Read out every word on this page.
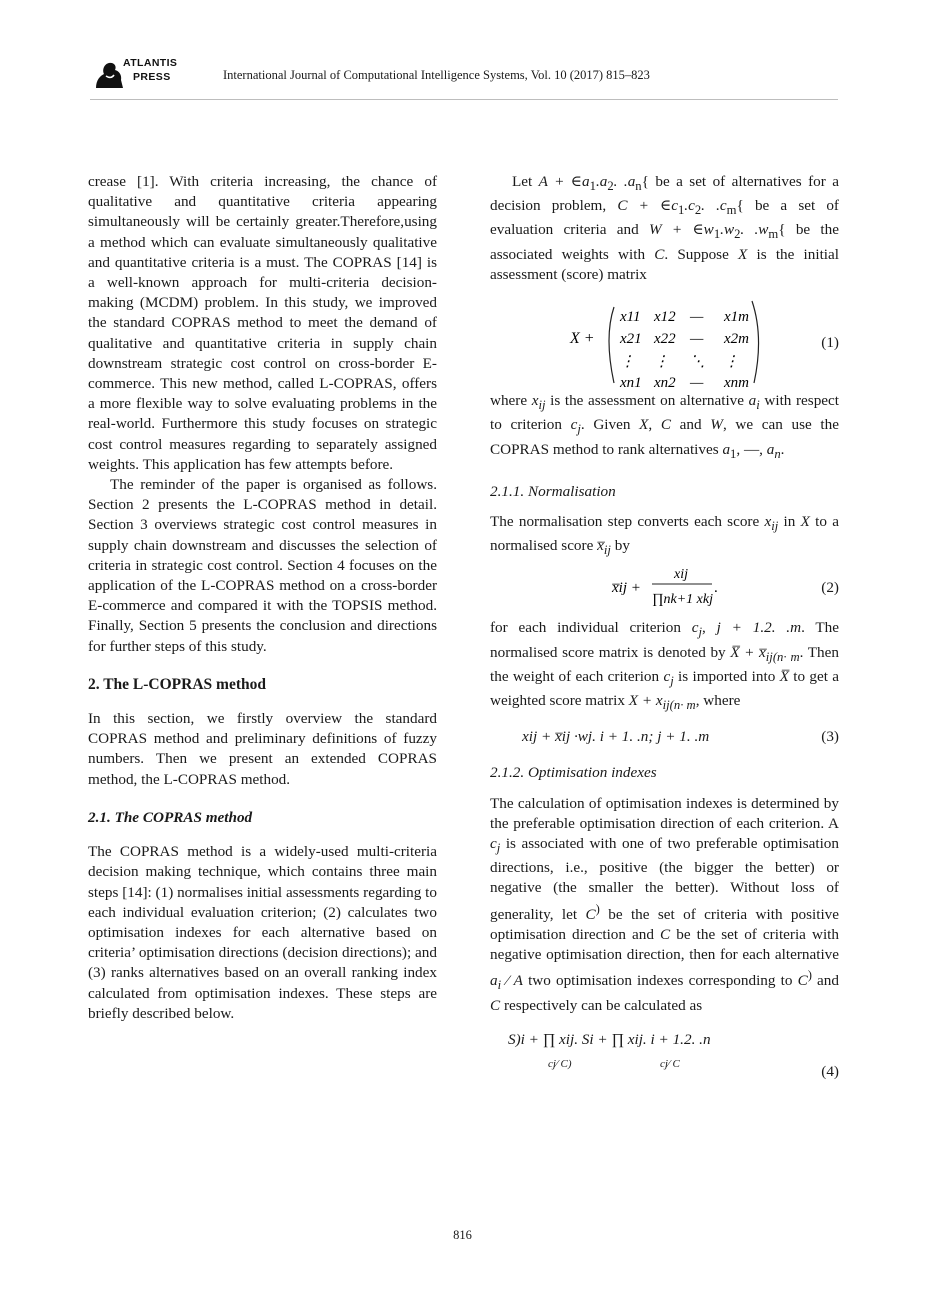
ATLANTIS
PRESS	International Journal of Computational Intelligence Systems, Vol. 10 (2017) 815–823

crease [1]. With criteria increasing, the chance of qualitative and quantitative criteria appearing simultaneously will be certainly greater.Therefore,using a method which can evaluate simultaneously qualitative and quantitative criteria is a must. The COPRAS [14] is a well-known approach for multi-criteria decision-making (MCDM) problem. In this study, we improved the standard COPRAS method to meet the demand of qualitative and quantitative criteria in supply chain downstream strategic cost control on cross-border E-commerce. This new method, called L-COPRAS, offers a more flexible way to solve evaluating problems in the real-world. Furthermore this study focuses on strategic cost control measures regarding to separately assigned weights. This application has few attempts before.

The reminder of the paper is organised as follows. Section 2 presents the L-COPRAS method in detail. Section 3 overviews strategic cost control measures in supply chain downstream and discusses the selection of criteria in strategic cost control. Section 4 focuses on the application of the L-COPRAS method on a cross-border E-commerce and compared it with the TOPSIS method. Finally, Section 5 presents the conclusion and directions for further steps of this study.

2. The L-COPRAS method

In this section, we firstly overview the standard COPRAS method and preliminary definitions of fuzzy numbers. Then we present an extended COPRAS method, the L-COPRAS method.

2.1. The COPRAS method

The COPRAS method is a widely-used multi-criteria decision making technique, which contains three main steps [14]: (1) normalises initial assessments regarding to each individual evaluation criterion; (2) calculates two optimisation indexes for each alternative based on criteria’ optimisation directions (decision directions); and (3) ranks alternatives based on an overall ranking index calculated from optimisation indexes. These steps are briefly described below.

Let $A + \in a_1.a_2$. $.a_n${ be a set of alternatives for a decision problem, $C + \in c_1.c_2$. $.c_m${ be a set of evaluation criteria and $W + \in w_1.w_2$. $.w_m${ be the associated weights with C. Suppose X is the initial assessment (score) matrix

X +
x11 x12 — x1m
x21 x22 — x2m
⋮ ⋮ ⋱ ⋮
xn1 xn2 — xnm
(1)

where $x_{ij}$ is the assessment on alternative $a_i$ with respect to criterion $c_j$. Given X, C and W, we can use the COPRAS method to rank alternatives $a_1$, —, $a_n$.

2.1.1. Normalisation

The normalisation step converts each score $x_{ij}$ in X to a normalised score $x̅_{ij}$ by

x̅ij +
xij
∏nk+1 xkj
.	(2)

for each individual criterion $c_j$, j + 1.2. .m. The normalised score matrix is denoted by X̅ + $x̅_{ij(n\cdot m}$. Then the weight of each criterion $c_j$ is imported into X̅ to get a weighted score matrix $X + x_{ij(n\cdot m}$, where

xij + x̅ij ·wj. i + 1. .n; j + 1. .m	(3)

2.1.2. Optimisation indexes

The calculation of optimisation indexes is determined by the preferable optimisation direction of each criterion. A $c_j$ is associated with one of two preferable optimisation directions, i.e., positive (the bigger the better) or negative (the smaller the better). Without loss of generality, let C) be the set of criteria with positive optimisation direction and C be the set of criteria with negative optimisation direction, then for each alternative $a_i$ ⁄ A two optimisation indexes corresponding to C) and C respectively can be calculated as

S)i + ∏ xij. Si + ∏ xij. i + 1.2. .n
cj⁄ C)	cj⁄ C	(4)
816
